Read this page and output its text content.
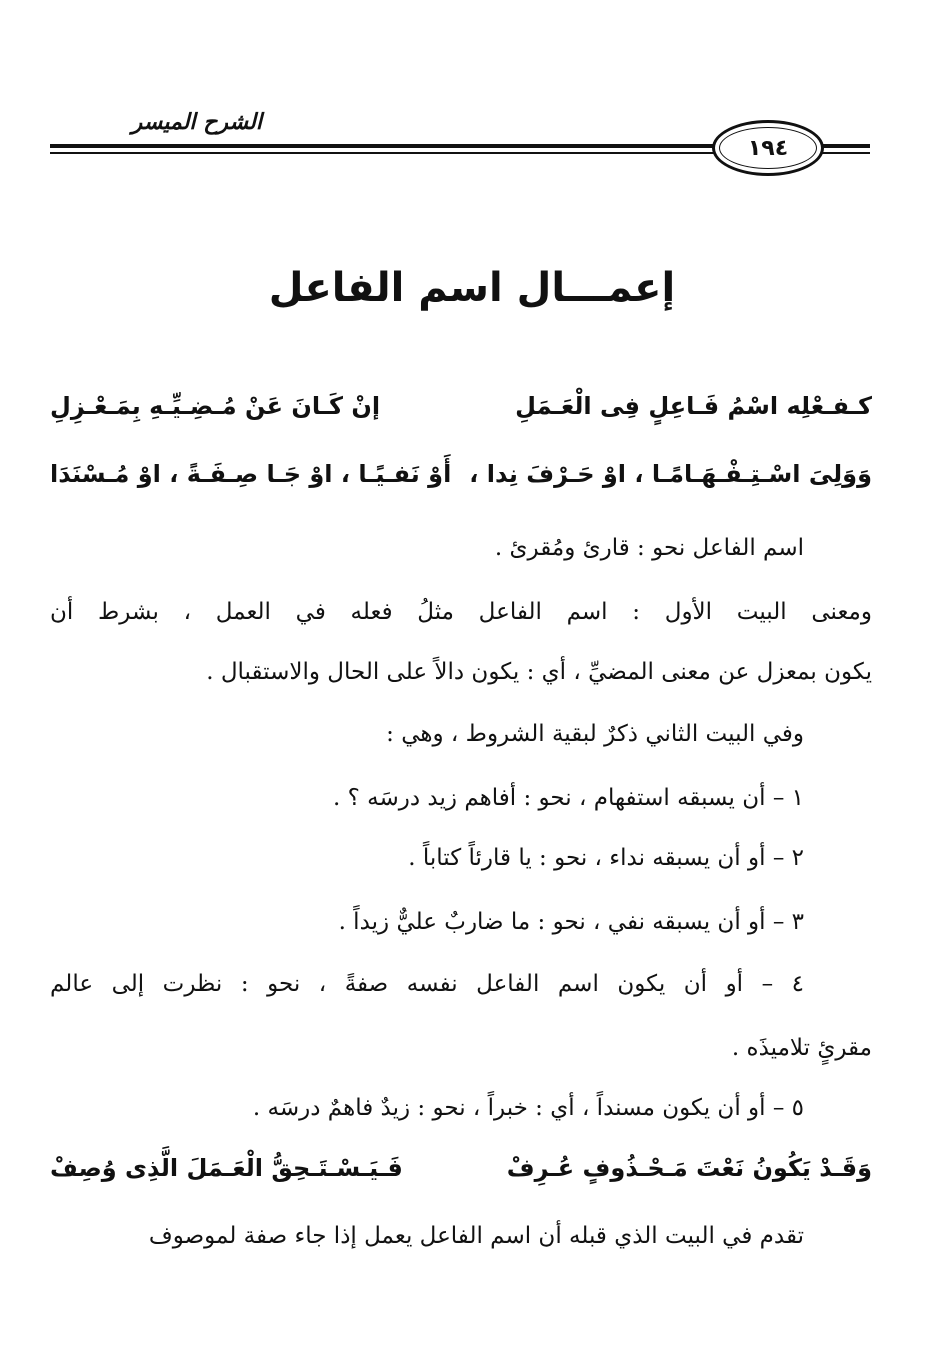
الشرح الميسر
١٩٤
إعمـــال اسم الفاعل
كـفـعْلِه اسْمُ فَـاعِلٍ فِى الْعَـمَلِ
إنْ كَـانَ عَنْ مُـضِـيِّـهِ بِمَـعْـزِلِ
وَوَلِىَ اسْـتِـفْـهَـامًـا ، اوْ حَـرْفَ نِدا ،
أَوْ نَفـيًـا ، اوْ جَـا صِـفَـةً ، اوْ مُـسْنَدَا
اسم الفاعل نحو : قارئ ومُقرئ .
ومعنى البيت الأول : اسم الفاعل مثلُ فعله في العمل ، بشرط أن
يكون بمعزل عن معنى المضيِّ ، أي : يكون دالاً على الحال والاستقبال .
وفي البيت الثاني ذكرٌ لبقية الشروط ، وهي :
١ – أن يسبقه استفهام ، نحو : أفاهم زيد درسَه ؟ .
٢ – أو أن يسبقه نداء ، نحو : يا قارئاً كتاباً .
٣ – أو أن يسبقه نفي ، نحو : ما ضاربٌ عليٌّ زيداً .
٤ – أو أن يكون اسم الفاعل نفسه صفةً ، نحو : نظرت إلى عالم
مقرئٍ تلاميذَه .
٥ – أو أن يكون مسنداً ، أي : خبراً ، نحو : زيدٌ فاهمٌ درسَه .
وَقَـدْ يَكُونُ نَعْتَ مَـحْـذُوفٍ عُـرِفْ
فَـيَـسْـتَـحِقُّ الْعَـمَلَ الَّذِى وُصِفْ
تقدم في البيت الذي قبله أن اسم الفاعل يعمل إذا جاء صفة لموصوف
